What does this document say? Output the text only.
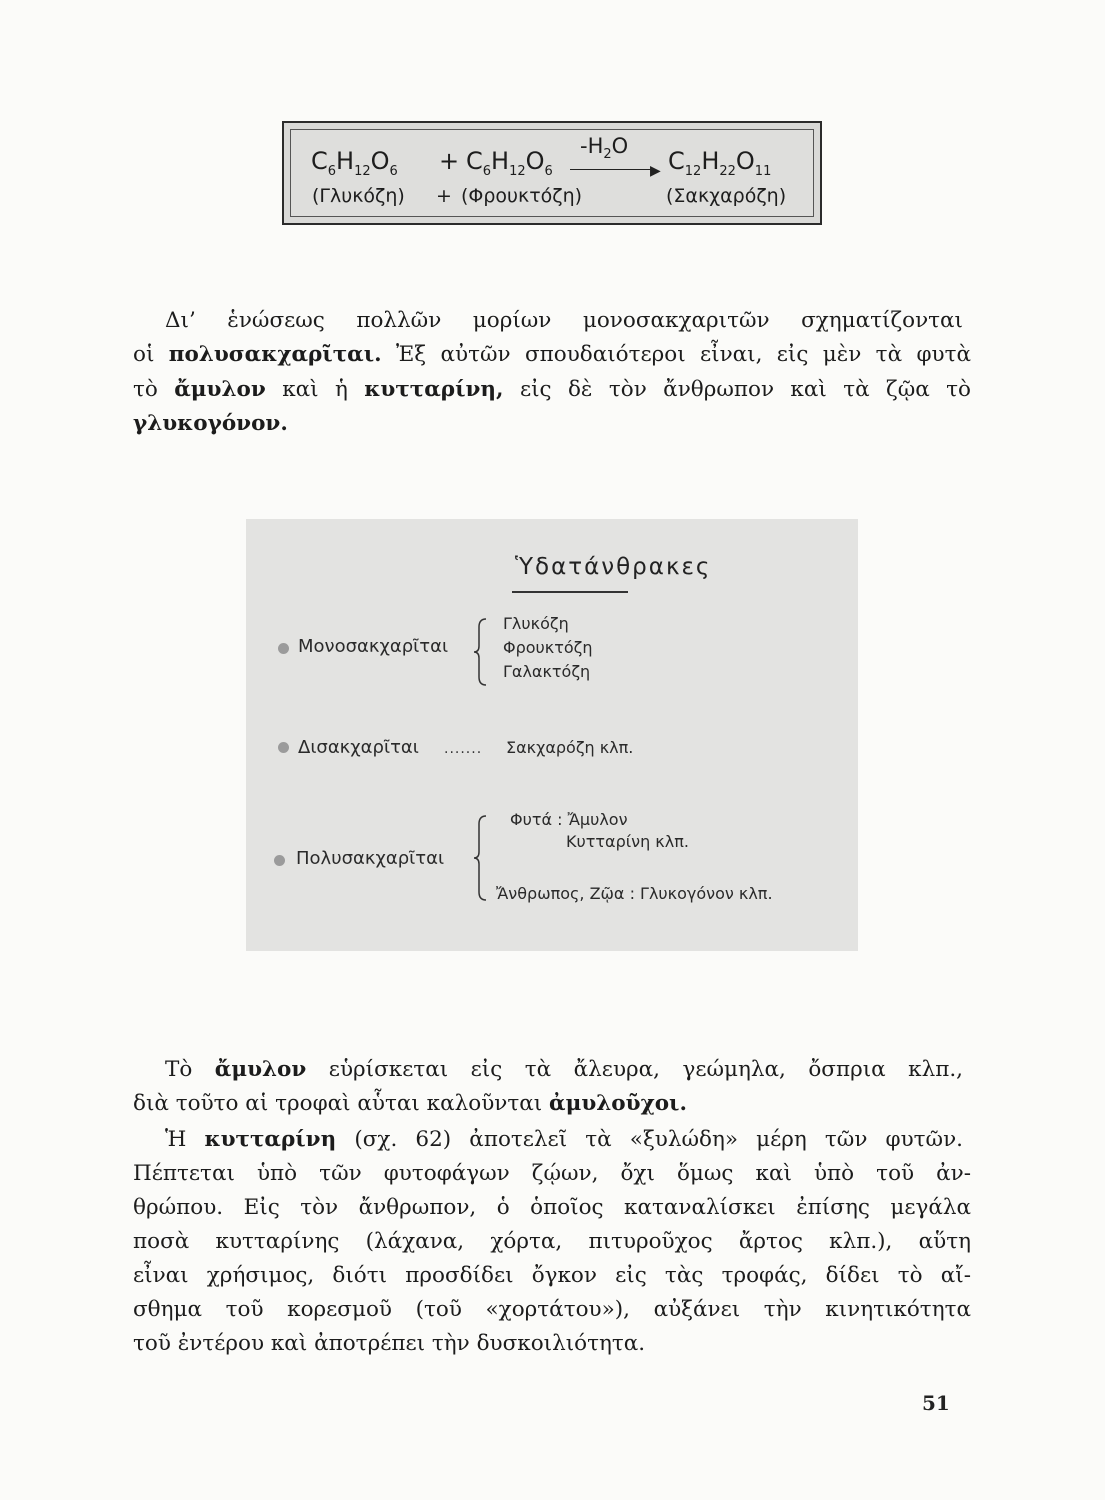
$C_6H_{12}O_6 + C_6H_{12}O_6$
$-H_2O$
▶ $C_{12}H_{22}O_{11}$
(Γλυκόζη) + (Φρουκτόζη)	(Σακχαρόζη)
Δι’ ἑνώσεως πολλῶν μορίων μονοσακχαριτῶν σχηματίζονται
οἱ πολυσακχαρῖται. Ἐξ αὐτῶν σπουδαιότεροι εἶναι, εἰς μὲν τὰ φυτὰ
τὸ ἄμυλον καὶ ἡ κυτταρίνη, εἰς δὲ τὸν ἄνθρωπον καὶ τὰ ζῷα τὸ
γλυκογόνον.
Ὑδατάνθρακες
Μονοσακχαρῖται
Γλυκόζη
Φρουκτόζη
Γαλακτόζη
Δισακχαρῖται ······· Σακχαρόζη κλπ.
Πολυσακχαρῖται
Φυτά : Ἄμυλον
Κυτταρίνη κλπ.
Ἄνθρωπος, Ζῷα : Γλυκογόνον κλπ.
Τὸ ἄμυλον εὑρίσκεται εἰς τὰ ἄλευρα, γεώμηλα, ὄσπρια κλπ.,
διὰ τοῦτο αἱ τροφαὶ αὗται καλοῦνται ἀμυλοῦχοι.
Ἡ κυτταρίνη (σχ. 62) ἀποτελεῖ τὰ «ξυλώδη» μέρη τῶν φυτῶν.
Πέπτεται ὑπὸ τῶν φυτοφάγων ζῴων, ὄχι ὅμως καὶ ὑπὸ τοῦ ἀν-
θρώπου. Εἰς τὸν ἄνθρωπον, ὁ ὁποῖος καταναλίσκει ἐπίσης μεγάλα
ποσὰ κυτταρίνης (λάχανα, χόρτα, πιτυροῦχος ἄρτος κλπ.), αὕτη
εἶναι χρήσιμος, διότι προσδίδει ὄγκον εἰς τὰς τροφάς, δίδει τὸ αἴ-
σθημα τοῦ κορεσμοῦ (τοῦ «χορτάτου»), αὐξάνει τὴν κινητικότητα
τοῦ ἐντέρου καὶ ἀποτρέπει τὴν δυσκοιλιότητα.
51
